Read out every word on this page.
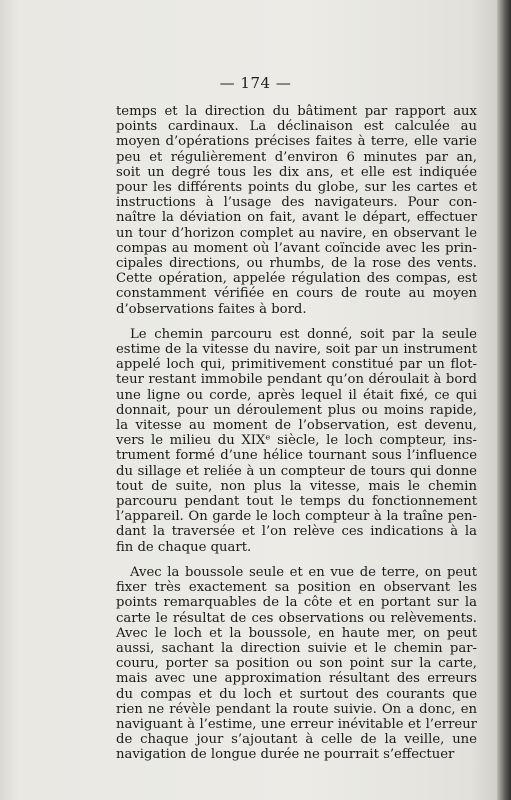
— 174 —
temps et la direction du bâtiment par rapport aux
points cardinaux. La déclinaison est calculée au
moyen d’opérations précises faites à terre, elle varie
peu et régulièrement d’environ 6 minutes par an,
soit un degré tous les dix ans, et elle est indiquée
pour les différents points du globe, sur les cartes et
instructions à l’usage des navigateurs. Pour con-
naître la déviation on fait, avant le départ, effectuer
un tour d’horizon complet au navire, en observant le
compas au moment où l’avant coïncide avec les prin-
cipales directions, ou rhumbs, de la rose des vents.
Cette opération, appelée régulation des compas, est
constamment vérifiée en cours de route au moyen
d’observations faites à bord.
Le chemin parcouru est donné, soit par la seule
estime de la vitesse du navire, soit par un instrument
appelé loch qui, primitivement constitué par un flot-
teur restant immobile pendant qu’on déroulait à bord
une ligne ou corde, après lequel il était fixé, ce qui
donnait, pour un déroulement plus ou moins rapide,
la vitesse au moment de l’observation, est devenu,
vers le milieu du XIXᵉ siècle, le loch compteur, ins-
trument formé d’une hélice tournant sous l’influence
du sillage et reliée à un compteur de tours qui donne
tout de suite, non plus la vitesse, mais le chemin
parcouru pendant tout le temps du fonctionnement
l’appareil. On garde le loch compteur à la traîne pen-
dant la traversée et l’on relève ces indications à la
fin de chaque quart.
Avec la boussole seule et en vue de terre, on peut
fixer très exactement sa position en observant les
points remarquables de la côte et en portant sur la
carte le résultat de ces observations ou relèvements.
Avec le loch et la boussole, en haute mer, on peut
aussi, sachant la direction suivie et le chemin par-
couru, porter sa position ou son point sur la carte,
mais avec une approximation résultant des erreurs
du compas et du loch et surtout des courants que
rien ne révèle pendant la route suivie. On a donc, en
naviguant à l’estime, une erreur inévitable et l’erreur
de chaque jour s’ajoutant à celle de la veille, une
navigation de longue durée ne pourrait s’effectuer
